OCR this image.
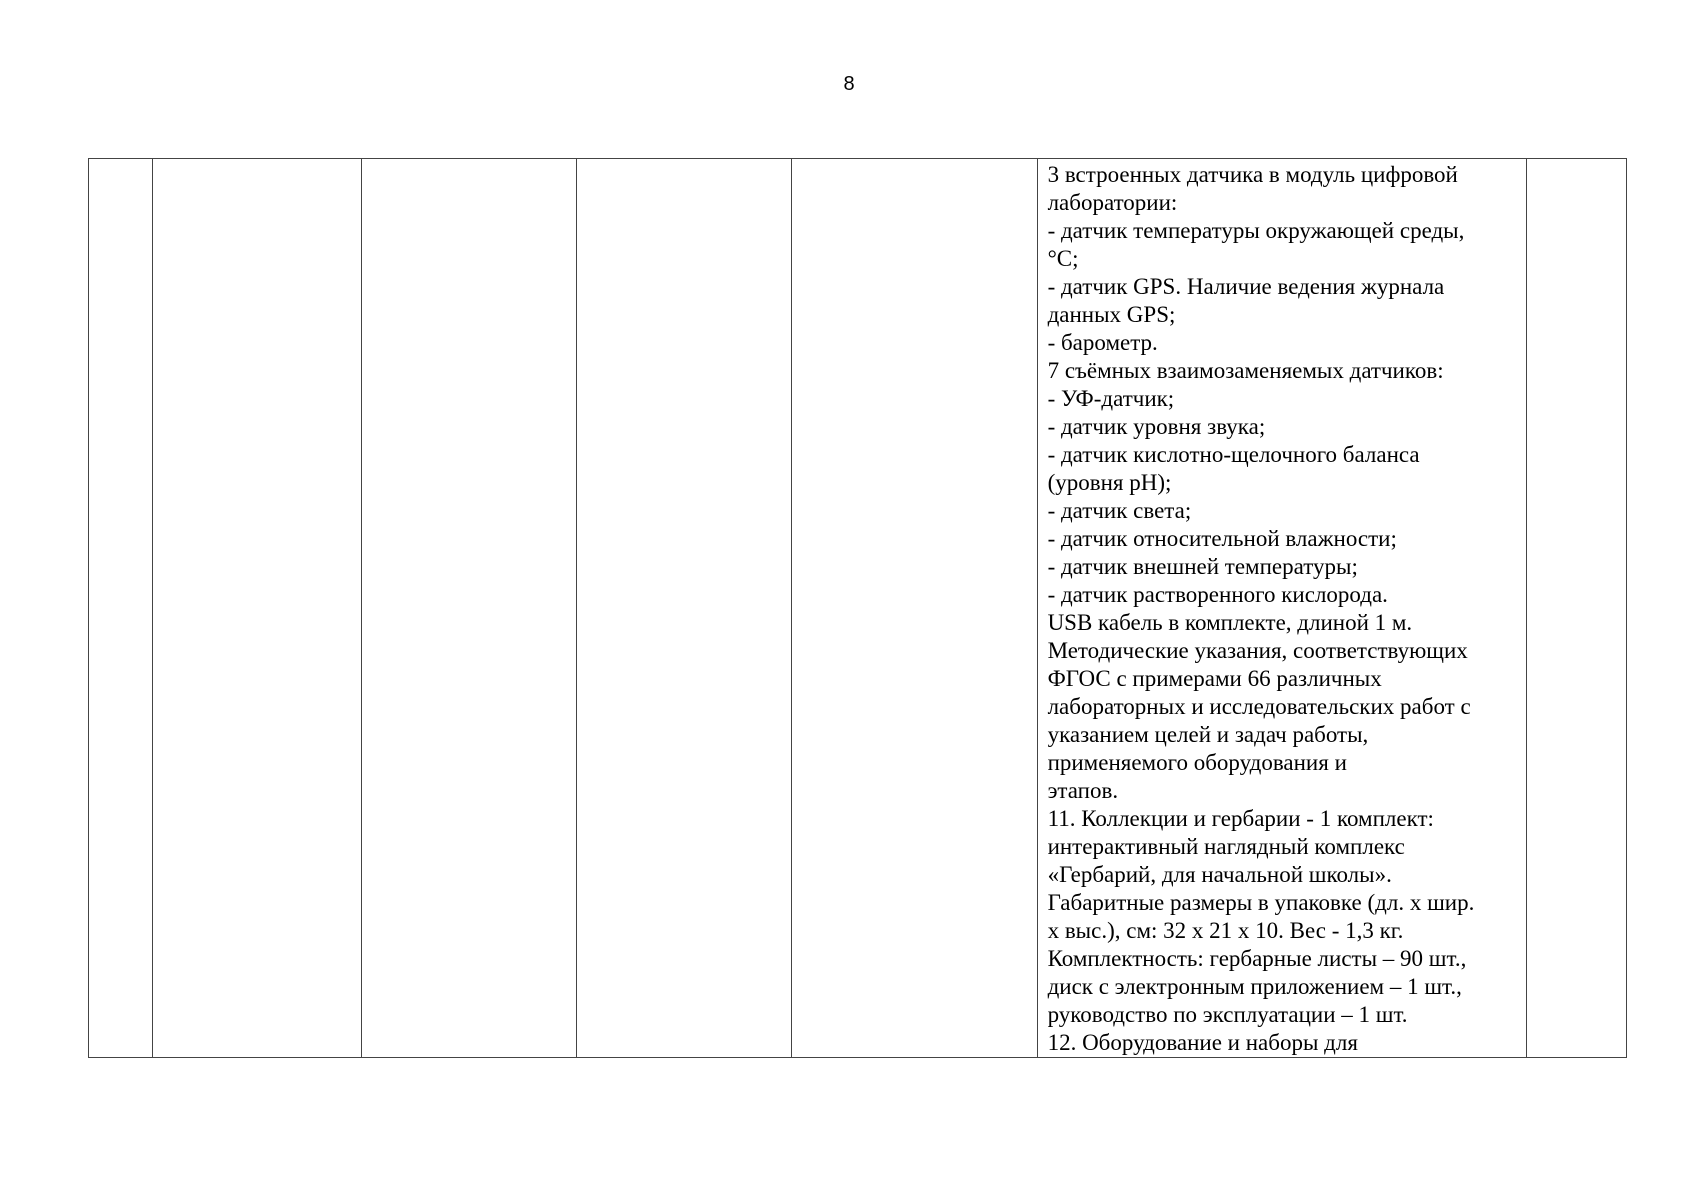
8

3 встроенных датчика в модуль цифровой
лаборатории:
- датчик температуры окружающей среды,
°С;
- датчик GPS. Наличие ведения журнала
данных GPS;
- барометр.
7 съёмных взаимозаменяемых датчиков:
- УФ-датчик;
- датчик уровня звука;
- датчик кислотно-щелочного баланса
(уровня рН);
- датчик света;
- датчик относительной влажности;
- датчик внешней температуры;
- датчик растворенного кислорода.
USB кабель в комплекте, длиной 1 м.
Методические указания, соответствующих
ФГОС с примерами 66 различных
лабораторных и исследовательских работ с
указанием целей и задач работы,
применяемого оборудования и
этапов.
11. Коллекции и гербарии - 1 комплект:
интерактивный наглядный комплекс
«Гербарий, для начальной школы».
Габаритные размеры в упаковке (дл. х шир.
х выс.), см: 32 х 21 х 10. Вес - 1,3 кг.
Комплектность: гербарные листы – 90 шт.,
диск с электронным приложением – 1 шт.,
руководство по эксплуатации – 1 шт.
12. Оборудование и наборы для
